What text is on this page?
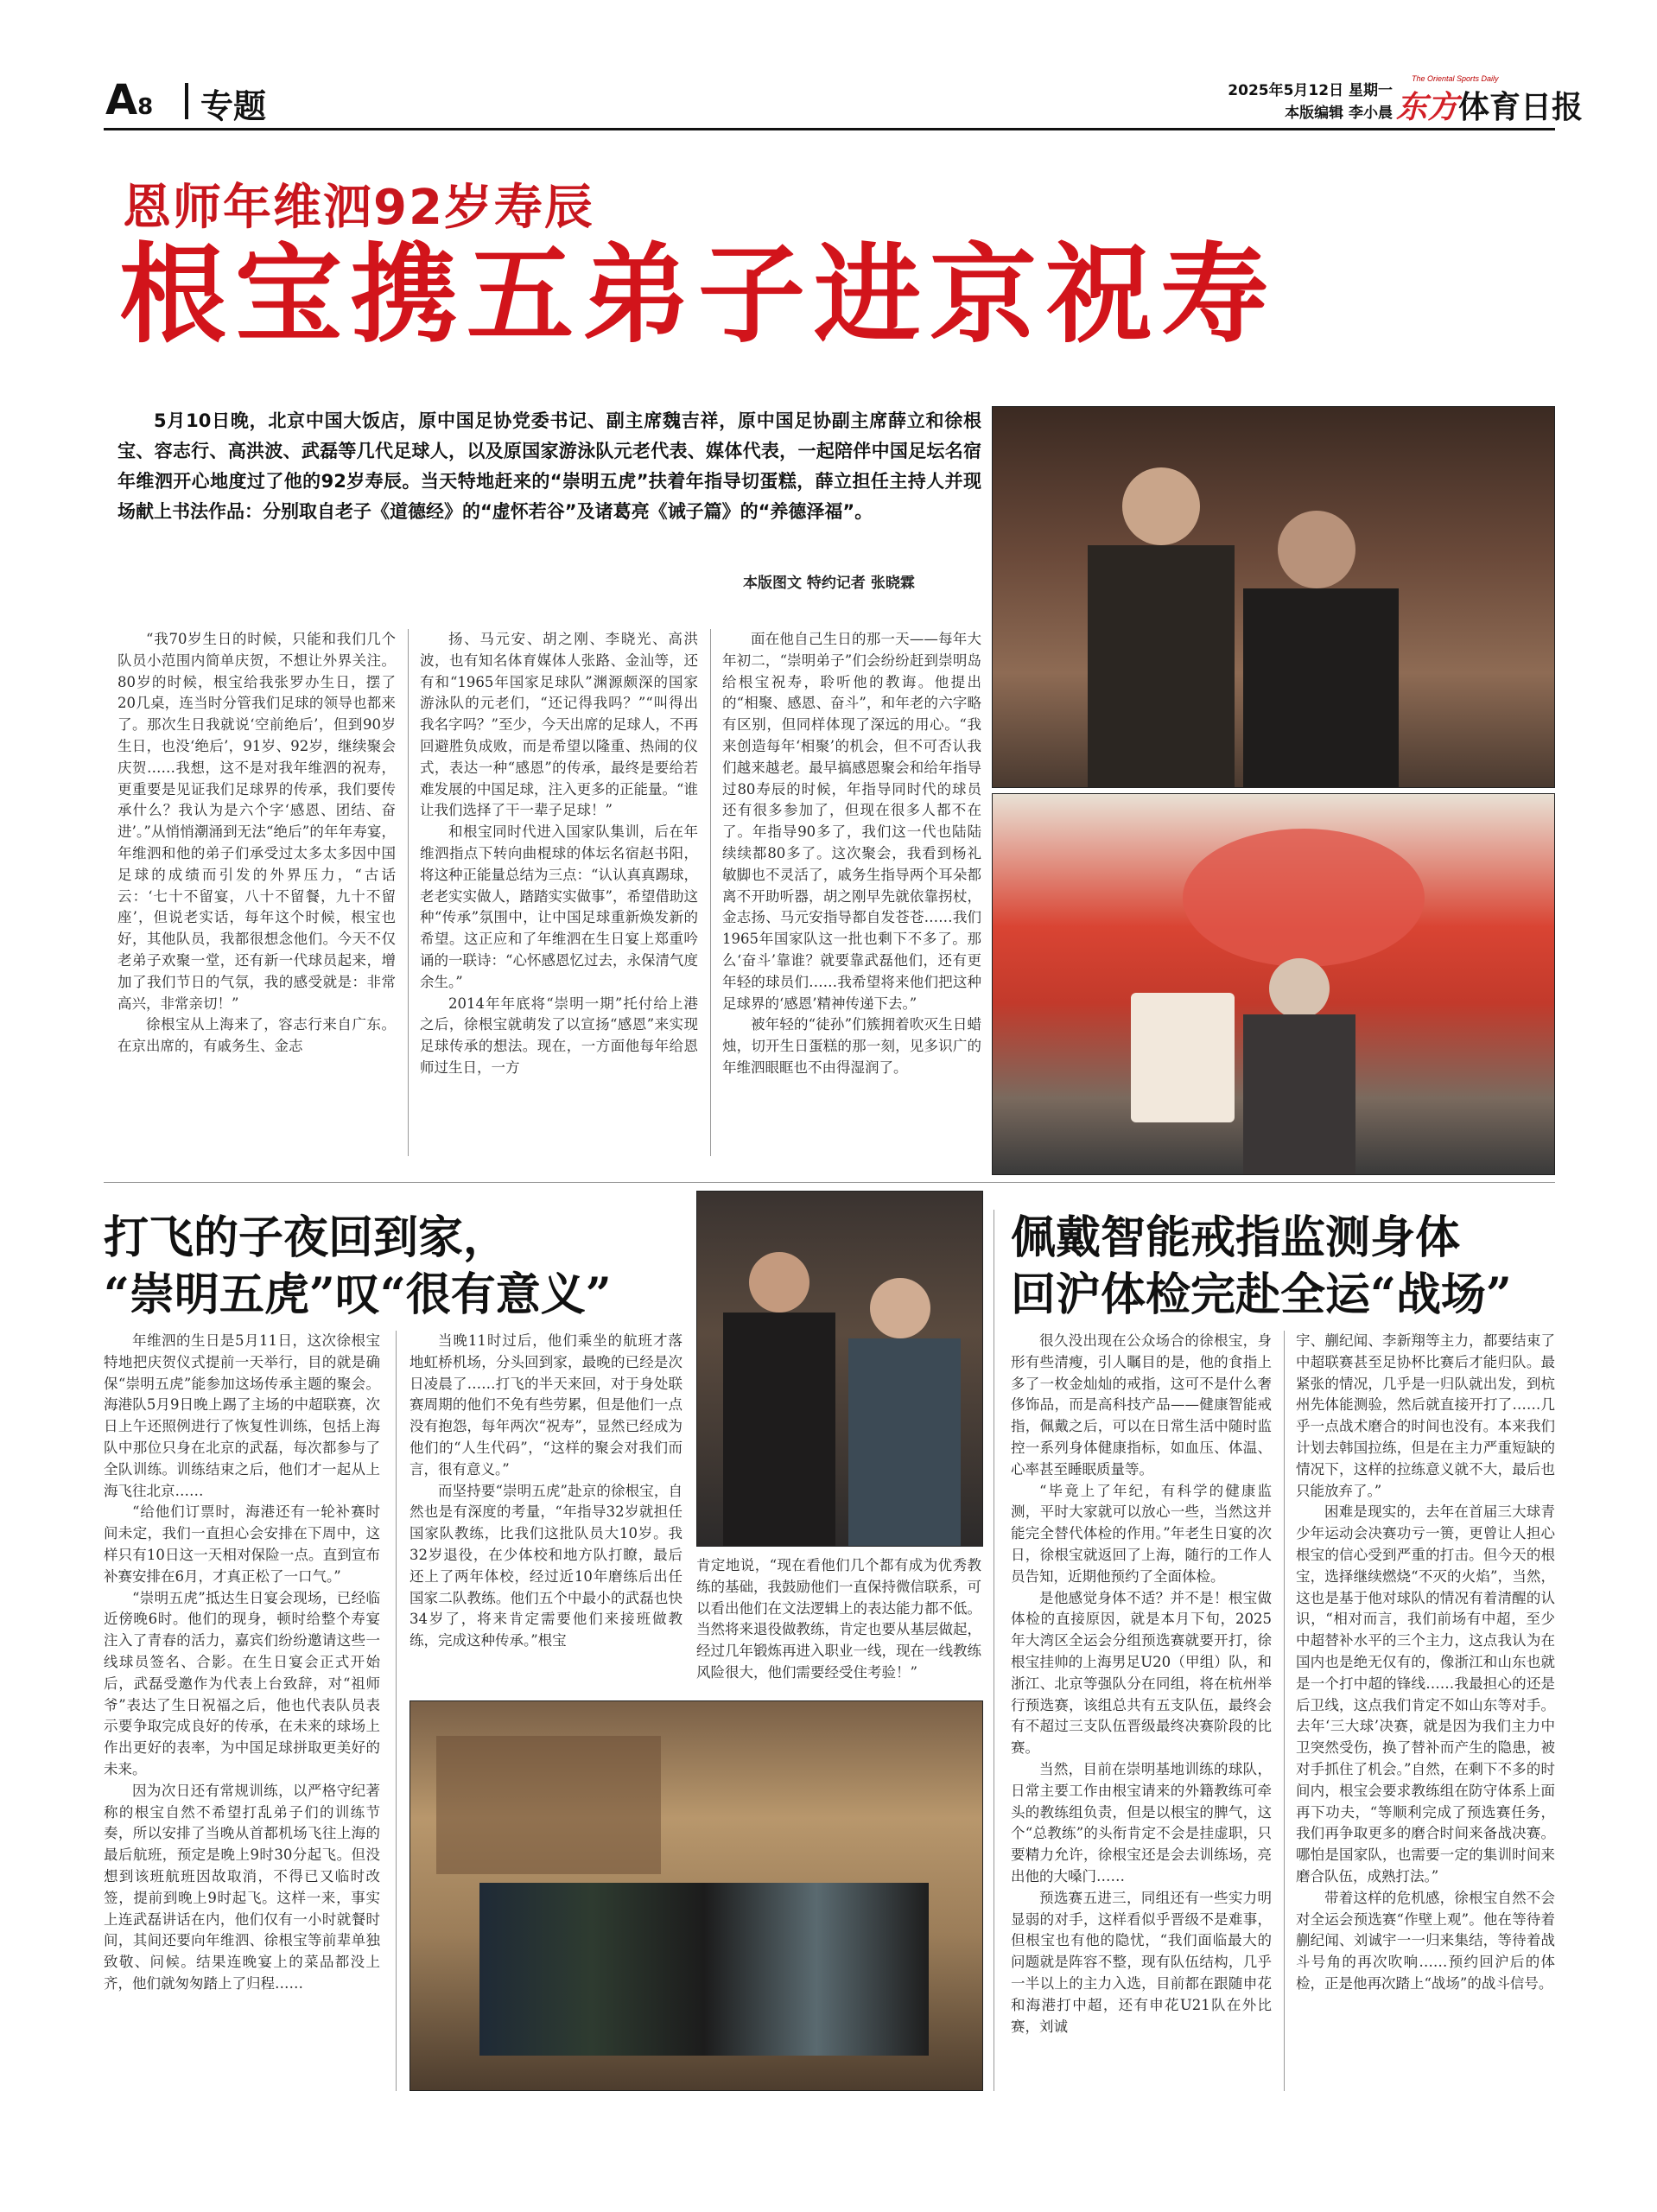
A8 专题	2025年5月12日 星期一
本版编辑 李小晨
The Oriental Sports Daily
东方体育日报
恩师年维泗92岁寿辰
根宝携五弟子进京祝寿
5月10日晚，北京中国大饭店，原中国足协党委书记、副主席魏吉祥，原中国足协副主席薛立和徐根宝、容志行、高洪波、武磊等几代足球人，以及原国家游泳队元老代表、媒体代表，一起陪伴中国足坛名宿年维泗开心地度过了他的92岁寿辰。当天特地赶来的“崇明五虎”扶着年指导切蛋糕，薛立担任主持人并现场献上书法作品：分别取自老子《道德经》的“虚怀若谷”及诸葛亮《诫子篇》的“养德泽福”。
本版图文 特约记者 张晓霖

“我70岁生日的时候，只能和我们几个队员小范围内简单庆贺，不想让外界关注。80岁的时候，根宝给我张罗办生日，摆了20几桌，连当时分管我们足球的领导也都来了。那次生日我就说‘空前绝后’，但到90岁生日，也没‘绝后’，91岁、92岁，继续聚会庆贺……我想，这不是对我年维泗的祝寿，更重要是见证我们足球界的传承，我们要传承什么？我认为是六个字‘感恩、团结、奋进’。”从悄悄潮涌到无法“绝后”的年年寿宴，年维泗和他的弟子们承受过太多太多因中国足球的成绩而引发的外界压力，“古话云：‘七十不留宴，八十不留餐，九十不留座’，但说老实话，每年这个时候，根宝也好，其他队员，我都很想念他们。今天不仅老弟子欢聚一堂，还有新一代球员起来，增加了我们节日的气氛，我的感受就是：非常高兴，非常亲切！”

徐根宝从上海来了，容志行来自广东。在京出席的，有戚务生、金志

扬、马元安、胡之刚、李晓光、高洪波，也有知名体育媒体人张路、金汕等，还有和“1965年国家足球队”渊源颇深的国家游泳队的元老们，“还记得我吗？”“叫得出我名字吗？”至少，今天出席的足球人，不再回避胜负成败，而是希望以隆重、热闹的仪式，表达一种“感恩”的传承，最终是要给若难发展的中国足球，注入更多的正能量。“谁让我们选择了干一辈子足球！”

和根宝同时代进入国家队集训，后在年维泗指点下转向曲棍球的体坛名宿赵书阳，将这种正能量总结为三点：“认认真真踢球，老老实实做人，踏踏实实做事”，希望借助这种“传承”氛围中，让中国足球重新焕发新的希望。这正应和了年维泗在生日宴上郑重吟诵的一联诗：“心怀感恩忆过去，永保清气度余生。”

2014年年底将“崇明一期”托付给上港之后，徐根宝就萌发了以宣扬“感恩”来实现足球传承的想法。现在，一方面他每年给恩师过生日，一方

面在他自己生日的那一天——每年大年初二，“崇明弟子”们会纷纷赶到崇明岛给根宝祝寿，聆听他的教诲。他提出的“相聚、感恩、奋斗”，和年老的六字略有区别，但同样体现了深远的用心。“我来创造每年‘相聚’的机会，但不可否认我们越来越老。最早搞感恩聚会和给年指导过80寿辰的时候，年指导同时代的球员还有很多参加了，但现在很多人都不在了。年指导90多了，我们这一代也陆陆续续都80多了。这次聚会，我看到杨礼敏脚也不灵活了，戚务生指导两个耳朵都离不开助听器，胡之刚早先就依靠拐杖，金志扬、马元安指导都自发苍苍……我们1965年国家队这一批也剩下不多了。那么‘奋斗’靠谁？就要靠武磊他们，还有更年轻的球员们……我希望将来他们把这种足球界的‘感恩’精神传递下去。”

被年轻的“徒孙”们簇拥着吹灭生日蜡烛，切开生日蛋糕的那一刻，见多识广的年维泗眼眶也不由得湿润了。

打飞的子夜回到家，
“崇明五虎”叹“很有意义”

年维泗的生日是5月11日，这次徐根宝特地把庆贺仪式提前一天举行，目的就是确保“崇明五虎”能参加这场传承主题的聚会。海港队5月9日晚上踢了主场的中超联赛，次日上午还照例进行了恢复性训练，包括上海队中那位只身在北京的武磊，每次都参与了全队训练。训练结束之后，他们才一起从上海飞往北京……

“给他们订票时，海港还有一轮补赛时间未定，我们一直担心会安排在下周中，这样只有10日这一天相对保险一点。直到宣布补赛安排在6月，才真正松了一口气。”

“崇明五虎”抵达生日宴会现场，已经临近傍晚6时。他们的现身，顿时给整个寿宴注入了青春的活力，嘉宾们纷纷邀请这些一线球员签名、合影。在生日宴会正式开始后，武磊受邀作为代表上台致辞，对“祖师爷”表达了生日祝福之后，他也代表队员表示要争取完成良好的传承，在未来的球场上作出更好的表率，为中国足球拼取更美好的未来。

因为次日还有常规训练，以严格守纪著称的根宝自然不希望打乱弟子们的训练节奏，所以安排了当晚从首都机场飞往上海的最后航班，预定是晚上9时30分起飞。但没想到该班航班因故取消，不得已又临时改签，提前到晚上9时起飞。这样一来，事实上连武磊讲话在内，他们仅有一小时就餐时间，其间还要向年维泗、徐根宝等前辈单独致敬、问候。结果连晚宴上的菜品都没上齐，他们就匆匆踏上了归程……

当晚11时过后，他们乘坐的航班才落地虹桥机场，分头回到家，最晚的已经是次日凌晨了……打飞的半天来回，对于身处联赛周期的他们不免有些劳累，但是他们一点没有抱怨，每年两次“祝寿”，显然已经成为他们的“人生代码”，“这样的聚会对我们而言，很有意义。”

而坚持要“崇明五虎”赴京的徐根宝，自然也是有深度的考量，“年指导32岁就担任国家队教练，比我们这批队员大10岁。我32岁退役，在少体校和地方队打瞭，最后还上了两年体校，经过近10年磨练后出任国家二队教练。他们五个中最小的武磊也快34岁了，将来肯定需要他们来接班做教练，完成这种传承。”根宝

肯定地说，“现在看他们几个都有成为优秀教练的基础，我鼓励他们一直保持微信联系，可以看出他们在文法逻辑上的表达能力都不低。当然将来退役做教练，肯定也要从基层做起，经过几年锻炼再进入职业一线，现在一线教练风险很大，他们需要经受住考验！”

佩戴智能戒指监测身体
回沪体检完赴全运“战场”

很久没出现在公众场合的徐根宝，身形有些清瘦，引人瞩目的是，他的食指上多了一枚金灿灿的戒指，这可不是什么奢侈饰品，而是高科技产品——健康智能戒指，佩戴之后，可以在日常生活中随时监控一系列身体健康指标，如血压、体温、心率甚至睡眠质量等。

“毕竟上了年纪，有科学的健康监测，平时大家就可以放心一些，当然这并能完全替代体检的作用。”年老生日宴的次日，徐根宝就返回了上海，随行的工作人员告知，近期他预约了全面体检。

是他感觉身体不适？并不是！根宝做体检的直接原因，就是本月下旬，2025年大湾区全运会分组预选赛就要开打，徐根宝挂帅的上海男足U20（甲组）队，和浙江、北京等强队分在同组，将在杭州举行预选赛，该组总共有五支队伍，最终会有不超过三支队伍晋级最终决赛阶段的比赛。

当然，目前在崇明基地训练的球队，日常主要工作由根宝请来的外籍教练可牵头的教练组负责，但是以根宝的脾气，这个“总教练”的头衔肯定不会是挂虚职，只要精力允许，徐根宝还是会去训练场，亮出他的大嗓门……

预选赛五进三，同组还有一些实力明显弱的对手，这样看似乎晋级不是难事，但根宝也有他的隐忧，“我们面临最大的问题就是阵容不整，现有队伍结构，几乎一半以上的主力入选，目前都在跟随申花和海港打中超，还有申花U21队在外比赛，刘诚

宇、蒯纪闻、李新翔等主力，都要结束了中超联赛甚至足协杯比赛后才能归队。最紧张的情况，几乎是一归队就出发，到杭州先体能测验，然后就直接开打了……几乎一点战术磨合的时间也没有。本来我们计划去韩国拉练，但是在主力严重短缺的情况下，这样的拉练意义就不大，最后也只能放弃了。”

困难是现实的，去年在首届三大球青少年运动会决赛功亏一篑，更曾让人担心根宝的信心受到严重的打击。但今天的根宝，选择继续燃烧“不灭的火焰”，当然，这也是基于他对球队的情况有着清醒的认识，“相对而言，我们前场有中超，至少中超替补水平的三个主力，这点我认为在国内也是绝无仅有的，像浙江和山东也就是一个打中超的锋线……我最担心的还是后卫线，这点我们肯定不如山东等对手。去年‘三大球’决赛，就是因为我们主力中卫突然受伤，换了替补而产生的隐患，被对手抓住了机会。”自然，在剩下不多的时间内，根宝会要求教练组在防守体系上面再下功夫，“等顺利完成了预选赛任务，我们再争取更多的磨合时间来备战决赛。哪怕是国家队，也需要一定的集训时间来磨合队伍，成熟打法。”

带着这样的危机感，徐根宝自然不会对全运会预选赛“作壁上观”。他在等待着蒯纪闻、刘诚宇一一归来集结，等待着战斗号角的再次吹响……预约回沪后的体检，正是他再次踏上“战场”的战斗信号。
